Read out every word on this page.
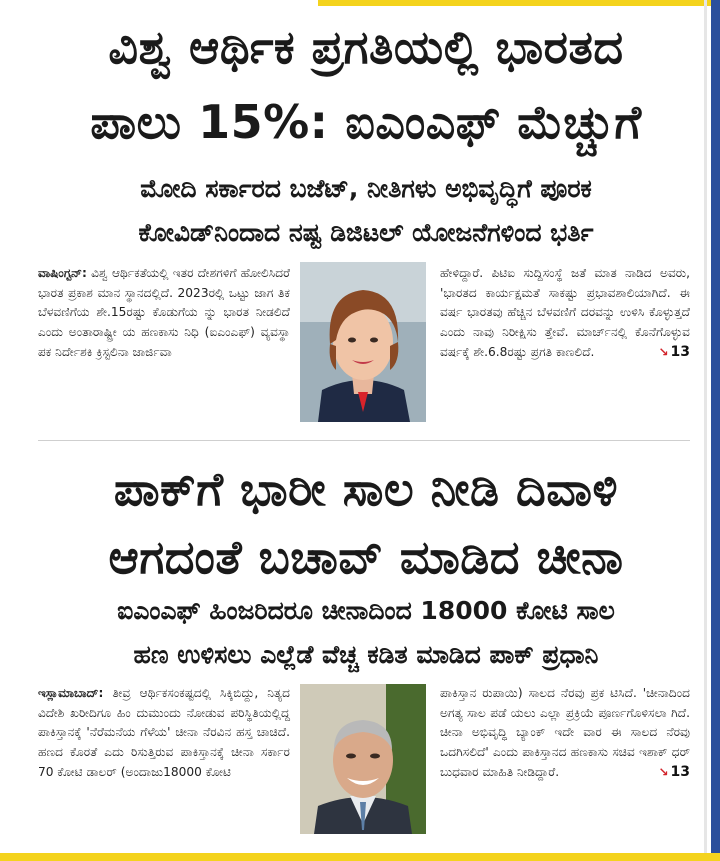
ವಿಶ್ವ ಆರ್ಥಿಕ ಪ್ರಗತಿಯಲ್ಲಿ ಭಾರತದ
ಪಾಲು 15%: ಐಎಂಎಫ್ ಮೆಚ್ಚುಗೆ
ಮೋದಿ ಸರ್ಕಾರದ ಬಜೆಟ್, ನೀತಿಗಳು ಅಭಿವೃದ್ಧಿಗೆ ಪೂರಕ
ಕೋವಿಡ್‌ನಿಂದಾದ ನಷ್ಟ ಡಿಜಿಟಲ್ ಯೋಜನೆಗಳಿಂದ ಭರ್ತಿ
ವಾಷಿಂಗ್ಟನ್: ವಿಶ್ವ ಆರ್ಥಿಕತೆಯಲ್ಲಿ ಇತರ ದೇಶಗಳಿಗೆ ಹೋಲಿಸಿದರೆ ಭಾರತ ಪ್ರಕಾಶ ಮಾನ ಸ್ಥಾನದಲ್ಲಿದೆ. 2023ರಲ್ಲಿ ಒಟ್ಟು ಜಾಗ ತಿಕ ಬೆಳವಣಿಗೆಯ ಶೇ.15ರಷ್ಟು ಕೊಡುಗೆಯ ನ್ನು ಭಾರತ ನೀಡಲಿದೆ ಎಂದು ಅಂತಾರಾಷ್ಟ್ರೀ ಯ ಹಣಕಾಸು ನಿಧಿ (ಐಎಂಎಫ್) ವ್ಯವಸ್ಥಾ ಪಕ ನಿರ್ದೇಶಕಿ ಕ್ರಿಸ್ಟಲಿನಾ ಜಾರ್ಜಿವಾ
ಹೇಳಿದ್ದಾರೆ. ಪಿಟಿಐ ಸುದ್ದಿಸಂಸ್ಥೆ ಜತೆ ಮಾತ ನಾಡಿದ ಅವರು, 'ಭಾರತದ ಕಾರ್ಯಕ್ಷಮತೆ ಸಾಕಷ್ಟು ಪ್ರಭಾವಶಾಲಿಯಾಗಿದೆ. ಈ ವರ್ಷ ಭಾರತವು ಹೆಚ್ಚಿನ ಬೆಳವಣಿಗೆ ದರವನ್ನು ಉಳಿಸಿ ಕೊಳ್ಳುತ್ತದೆ ಎಂದು ನಾವು ನಿರೀಕ್ಷಿಸು ತ್ತೇವೆ. ಮಾರ್ಚ್‌ನಲ್ಲಿ ಕೊನೆಗೊಳ್ಳುವ ವರ್ಷಕ್ಕೆ ಶೇ.6.8ರಷ್ಟು ಪ್ರಗತಿ ಕಾಣಲಿದೆ.	↘ 13
ಪಾಕ್‌ಗೆ ಭಾರೀ ಸಾಲ ನೀಡಿ ದಿವಾಳಿ
ಆಗದಂತೆ ಬಚಾವ್ ಮಾಡಿದ ಚೀನಾ
ಐಎಂಎಫ್ ಹಿಂಜರಿದರೂ ಚೀನಾದಿಂದ 18000 ಕೋಟಿ ಸಾಲ
ಹಣ ಉಳಿಸಲು ಎಲ್ಲೆಡೆ ವೆಚ್ಚ ಕಡಿತ ಮಾಡಿದ ಪಾಕ್ ಪ್ರಧಾನಿ
ಇಸ್ಲಾಮಾಬಾದ್: ತೀವ್ರ ಆರ್ಥಿಕಸಂಕಷ್ಟದಲ್ಲಿ ಸಿಕ್ಕಿಬಿದ್ದು, ನಿತ್ಯದ ವಿದೇಶಿ ಖರೀದಿಗೂ ಹಿಂ ದುಮುಂದು ನೋಡುವ ಪರಿಸ್ಥಿತಿಯಲ್ಲಿದ್ದ ಪಾಕಿಸ್ತಾನಕ್ಕೆ 'ನೆರೆಮನೆಯ ಗೆಳೆಯ' ಚೀನಾ ನೆರವಿನ ಹಸ್ತ ಚಾಚಿದೆ. ಹಣದ ಕೊರತೆ ಎದು ರಿಸುತ್ತಿರುವ ಪಾಕಿಸ್ತಾನಕ್ಕೆ ಚೀನಾ ಸರ್ಕಾರ 70 ಕೋಟಿ ಡಾಲರ್ (ಅಂದಾಜು18000 ಕೋಟಿ
ಪಾಕಿಸ್ತಾನ ರುಪಾಯಿ) ಸಾಲದ ನೆರವು ಪ್ರಕ ಟಿಸಿದೆ. 'ಚೀನಾದಿಂದ ಅಗತ್ಯ ಸಾಲ ಪಡೆ ಯಲು ಎಲ್ಲಾ ಪ್ರಕ್ರಿಯೆ ಪೂರ್ಣಗೊಳಿಸಲಾ ಗಿದೆ. ಚೀನಾ ಅಭಿವೃದ್ಧಿ ಬ್ಯಾಂಕ್ ಇದೇ ವಾರ ಈ ಸಾಲದ ನೆರವು ಒದಗಿಸಲಿದೆ' ಎಂದು ಪಾಕಿಸ್ತಾನದ ಹಣಕಾಸು ಸಚಿವ ಇಶಾಕ್ ಧರ್ ಬುಧವಾರ ಮಾಹಿತಿ ನೀಡಿದ್ದಾರೆ.	↘ 13
